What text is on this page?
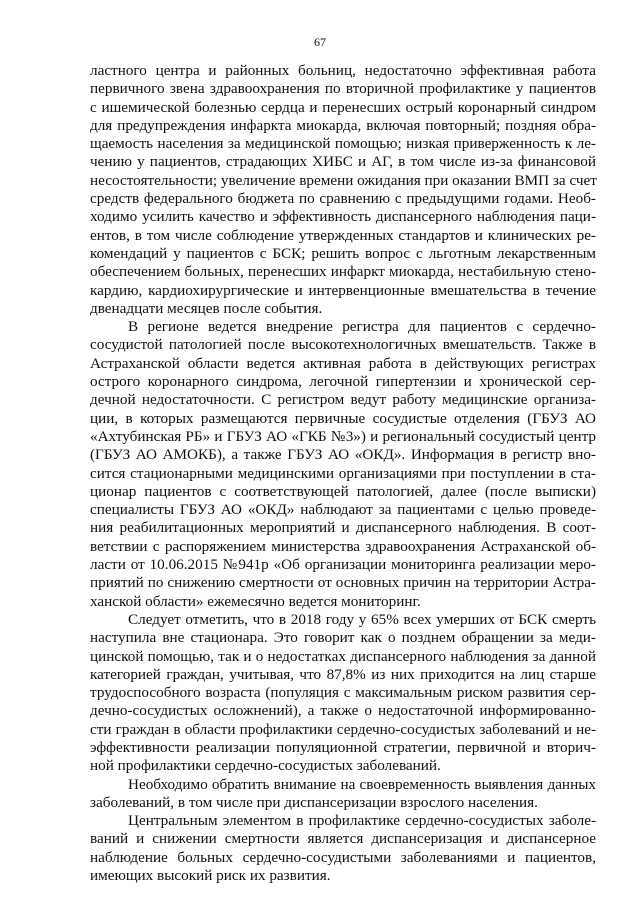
67
ластного центра и районных больниц, недостаточно эффективная работа
первичного звена здравоохранения по вторичной профилактике у пациентов
с ишемической болезнью сердца и перенесших острый коронарный синдром
для предупреждения инфаркта миокарда, включая повторный; поздняя обра-
щаемость населения за медицинской помощью; низкая приверженность к ле-
чению у пациентов, страдающих ХИБС и АГ, в том числе из-за финансовой
несостоятельности; увеличение времени ожидания при оказании ВМП за счет
средств федерального бюджета по сравнению с предыдущими годами. Необ-
ходимо усилить качество и эффективность диспансерного наблюдения паци-
ентов, в том числе соблюдение утвержденных стандартов и клинических ре-
комендаций у пациентов с БСК; решить вопрос с льготным лекарственным
обеспечением больных, перенесших инфаркт миокарда, нестабильную стено-
кардию, кардиохирургические и интервенционные вмешательства в течение
двенадцати месяцев после события.
В регионе ведется внедрение регистра для пациентов с сердечно-
сосудистой патологией после высокотехнологичных вмешательств. Также в
Астраханской области ведется активная работа в действующих регистрах
острого коронарного синдрома, легочной гипертензии и хронической сер-
дечной недостаточности. С регистром ведут работу медицинские организа-
ции, в которых размещаются первичные сосудистые отделения (ГБУЗ АО
«Ахтубинская РБ» и ГБУЗ АО «ГКБ №3») и региональный сосудистый центр
(ГБУЗ АО АМОКБ), а также ГБУЗ АО «ОКД». Информация в регистр вно-
сится стационарными медицинскими организациями при поступлении в ста-
ционар пациентов с соответствующей патологией, далее (после выписки)
специалисты ГБУЗ АО «ОКД» наблюдают за пациентами с целью проведе-
ния реабилитационных мероприятий и диспансерного наблюдения. В соот-
ветствии с распоряжением министерства здравоохранения Астраханской об-
ласти от 10.06.2015 №941р «Об организации мониторинга реализации меро-
приятий по снижению смертности от основных причин на территории Астра-
ханской области» ежемесячно ведется мониторинг.
Следует отметить, что в 2018 году у 65% всех умерших от БСК смерть
наступила вне стационара. Это говорит как о позднем обращении за меди-
цинской помощью, так и о недостатках диспансерного наблюдения за данной
категорией граждан, учитывая, что 87,8% из них приходится на лиц старше
трудоспособного возраста (популяция с максимальным риском развития сер-
дечно-сосудистых осложнений), а также о недостаточной информированно-
сти граждан в области профилактики сердечно-сосудистых заболеваний и не-
эффективности реализации популяционной стратегии, первичной и вторич-
ной профилактики сердечно-сосудистых заболеваний.
Необходимо обратить внимание на своевременность выявления данных
заболеваний, в том числе при диспансеризации взрослого населения.
Центральным элементом в профилактике сердечно-сосудистых заболе-
ваний и снижении смертности является диспансеризация и диспансерное
наблюдение больных сердечно-сосудистыми заболеваниями и пациентов,
имеющих высокий риск их развития.
